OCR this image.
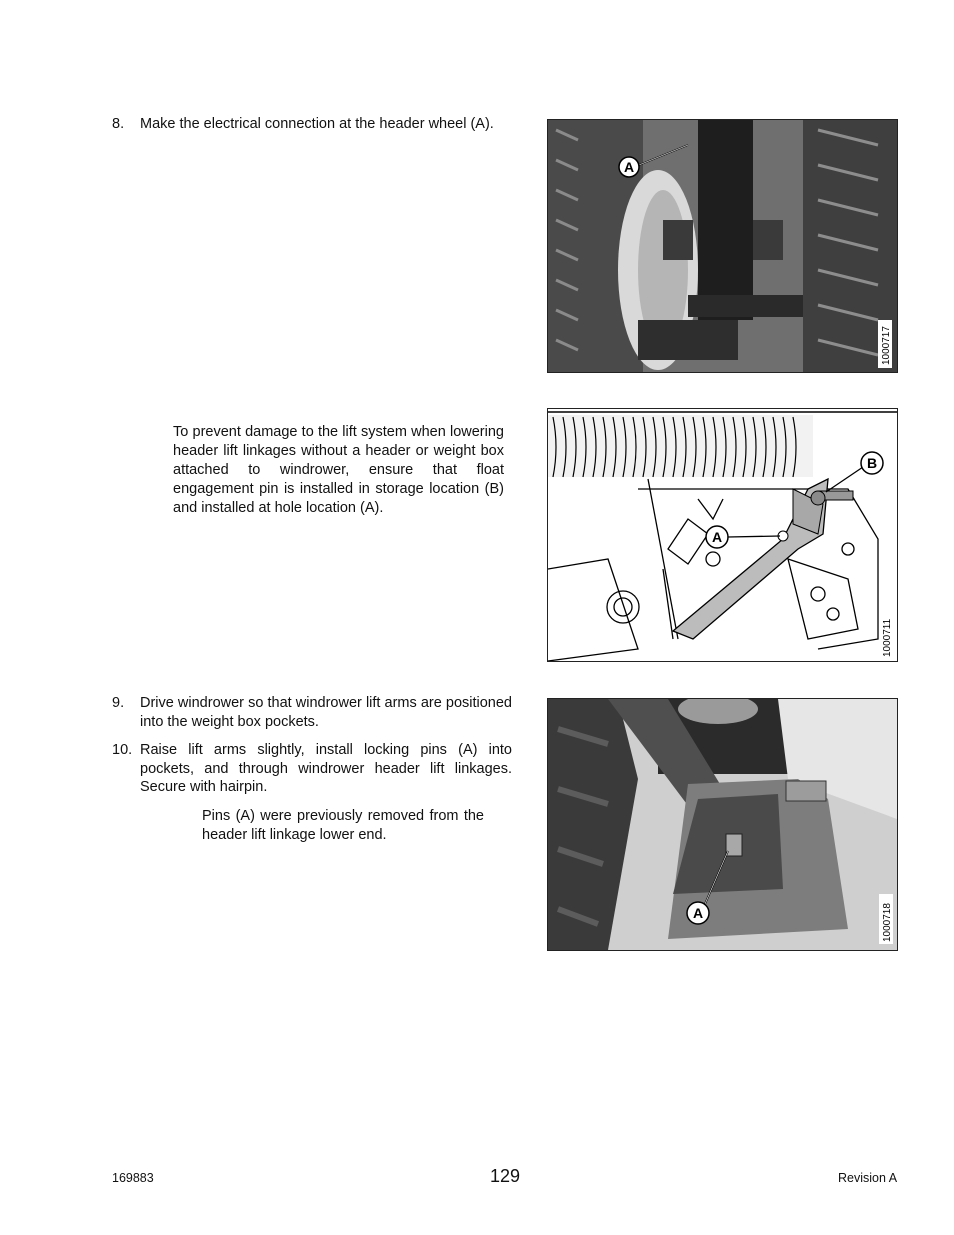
8. Make the electrical connection at the header wheel (A).
A
1000717
To prevent damage to the lift system when lowering header lift linkages without a header or weight box attached to windrower, ensure that float engagement pin is installed in storage location (B) and installed at hole location (A).
B
A
1000711
9. Drive windrower so that windrower lift arms are positioned into the weight box pockets.
10. Raise lift arms slightly, install locking pins (A) into pockets, and through windrower header lift linkages. Secure with hairpin.
Pins (A) were previously removed from the header lift linkage lower end.
A	1000718
169883	129	Revision A
